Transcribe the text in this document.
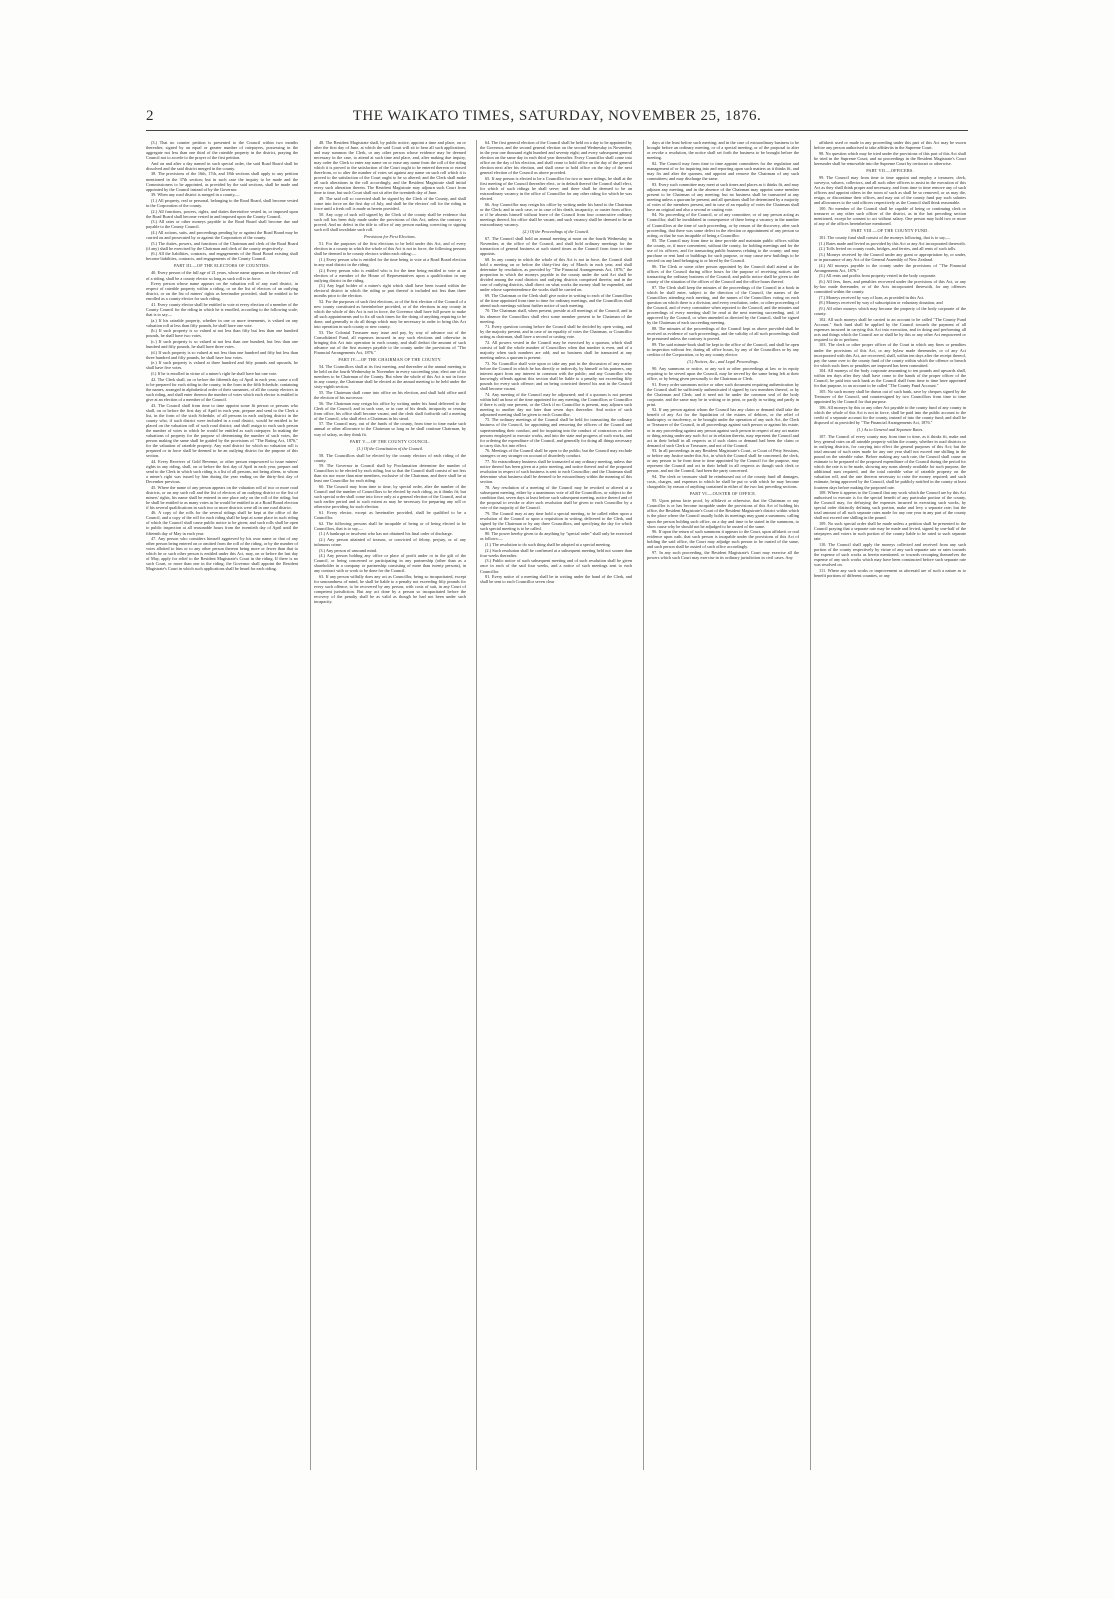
2	THE WAIKATO TIMES, SATURDAY, NOVEMBER 25, 1876.

(3.) That no counter petition is presented to the Council within two months thereafter, signed by an equal or greater number of ratepayers, possessing in the aggregate not less than one third of the rateable property in the district, praying the Council not to accede to the prayer of the first petition.

And on and after a day named in such special order, the said Road Board shall be dissolved and the said district merged in the county.

38. The provisions of the 16th, 17th, and 18th sections shall apply to any petition mentioned in the 37th section; but in such case the inquiry to be made and the Commissioners to be appointed, as provided by the said sections, shall be made and appointed by the Council instead of by the Governor.

39. When any road district is merged in a county,—

(1.) All property, real or personal, belonging to the Road Board, shall become vested in the Corporation of the county.

(2.) All functions, powers, rights, and duties theretofore vested in, or imposed upon the Road Board shall become vested in and imposed upon the County Council.

(3.) All rates or other moneys payable to the Road Board shall become due and payable to the County Council.

(4.) All actions, suits, and proceedings pending by or against the Road Board may be carried on and prosecuted by or against the Corporation of the county.

(5.) The duties, powers, and functions of the Chairman and clerk of the Road Board (if any) shall be exercised by the Chairman and clerk of the county respectively.

(6.) All the liabilities, contracts, and engagements of the Road Board existing shall become liabilities, contracts, and engagements of the County Council.

PART III.—OF THE ELECTORS OF COUNTIES.

40. Every person of the full age of 21 years, whose name appears on the electors' roll of a riding, shall be a county elector so long as such roll is in force.

Every person whose name appears on the valuation roll of any road district, in respect of rateable property within a riding, or on the list of electors of an outlying district, or on the list of miners' rights as hereinafter provided, shall be entitled to be enrolled as a county elector for such riding.

41. Every county elector shall be entitled to vote at every election of a member of the County Council for the riding in which he is enrolled, according to the following scale, that is to say—

(a.) If his rateable property, whether in one or more tenements, is valued on any valuation roll at less than fifty pounds, he shall have one vote.

(b.) If such property is so valued at not less than fifty but less than one hundred pounds, he shall have two votes.

(c.) If such property is so valued at not less than one hundred, but less than one hundred and fifty pounds, he shall have three votes.

(d.) If such property is so valued at not less than one hundred and fifty but less than three hundred and fifty pounds, he shall have four votes.

(e.) If such property is valued at three hundred and fifty pounds and upwards, he shall have five votes.

(f.) If he is enrolled in virtue of a miner's right he shall have but one vote.

42. The Clerk shall, on or before the fifteenth day of April in each year, cause a roll to be prepared for each riding in the county, in the form in the fifth Schedule, containing the names, arranged in alphabetical order of their surnames, of all the county electors in such riding, and shall enter thereon the number of votes which each elector is entitled to give at an election of a member of the Council.

43. The Council shall from time to time appoint some fit person or persons who shall, on or before the first day of April in each year, prepare and send to the Clerk a list, in the form of the sixth Schedule, of all persons in each outlying district in the county who, if such district were included in a road district, would be entitled to be placed on the valuation roll of such road district; and shall assign to each such person the number of votes to which he would be entitled as such ratepayer. In making the valuations of property for the purpose of determining the number of such votes, the person making the same shall be guided by the provisions of "The Rating Act, 1876," for the valuation of rateable property. Any road district for which no valuation roll is prepared or in force shall be deemed to be an outlying district for the purpose of this section.

44. Every Receiver of Gold Revenue, or other person empowered to issue miners' rights in any riding, shall, on or before the first day of April in each year, prepare and send to the Clerk in which such riding is a list of all persons, not being aliens, to whom a miner's right was issued by him during the year ending on the thirty-first day of December previous.

45. Where the name of any person appears on the valuation roll of two or more road districts, or on any such roll and the list of electors of an outlying district or the list of miners' rights, his name shall be entered in one place only on the roll of the riding; but he shall be entitled to as many votes as he would be entitled to at a Road Board election if his several qualifications in such two or more districts were all in one road district.

46. A copy of the rolls for the several ridings shall be kept at the office of the Council, and a copy of the roll for each riding shall be kept at some place in such riding of which the Council shall cause public notice to be given; and such rolls shall be open to public inspection at all reasonable hours from the twentieth day of April until the fifteenth day of May in each year.

47. Any person who considers himself aggrieved by his own name or that of any other person being entered on or omitted from the roll of the riding, or by the number of votes allotted to him or to any other person thereon being more or fewer than that to which he or such other person is entitled under this Act, may, on or before the last day of May, apply for relief to the Resident Magistrate's Court in the riding. If there is no such Court, or more than one in the riding, the Governor shall appoint the Resident Magistrate's Court in which such applications shall be heard for each riding.

48. The Resident Magistrate shall, by public notice, appoint a time and place, on or after the first day of June, at which the said Court will sit to hear all such applications, and may summon the Clerk, or any other person whose evidence may be deemed necessary in the case, to attend at such time and place, and, after making due inquiry, may order the Clerk to enter any name on or erase any name from the roll of the riding which it is proved to the satisfaction of the Court ought to be entered thereon or erased therefrom, or to alter the number of votes set against any name on such roll which it is proved to the satisfaction of the Court ought to be so altered; and the Clerk shall make all such alterations in the roll accordingly, and the Resident Magistrate shall initial every such alteration therein. The Resident Magistrate may adjourn such Court from time to time, but such Court shall not sit after the twentieth day of June.

49. The said roll so corrected shall be signed by the Clerk of the County, and shall come into force on the first day of July, and shall be the electors' roll for the riding in force until a fresh roll is made as herein provided.

50. Any copy of such roll signed by the Clerk of the county shall be evidence that such roll has been duly made under the provisions of this Act, unless the contrary is proved; And no defect in the title to office of any person making correcting or signing such roll shall invalidate such roll.

Provisions for First Elections.

51. For the purposes of the first elections to be held under this Act, and of every election in a county in which the whole of this Act is not in force, the following persons shall be deemed to be county electors within each riding:—

(1.) Every person who is entitled for the time being to vote at a Road Board election in any road district in the riding;

(2.) Every person who is entitled who is for the time being entitled to vote at an election of a member of the House of Representatives upon a qualification in any outlying district in the riding.

(3.) Any legal holder of a miner's right which shall have been issued within the electoral district in which the riding or part thereof is included not less than three months prior to the election.

52. For the purposes of such first elections, or of the first election of the Council of a new county constituted as hereinbefore provided, or of the elections in any county in which the whole of this Act is not in force, the Governor shall have full power to make all such appointments and to fix all such times for the doing of anything requiring to be done, and generally to do all things which may be necessary in order to bring this Act into operation in such county or new county.

53. The Colonial Treasurer may issue and pay, by way of advance out of the Consolidated Fund, all expenses incurred in any such elections and otherwise in bringing this Act into operation in each county, and shall deduct the amount of such advance out of the first moneys payable to the county under the provisions of "The Financial Arrangements Act, 1876."

PART IV.—OF THE CHAIRMAN OF THE COUNTY.

54. The Councillors shall at its first meeting, and thereafter at the annual meeting to be held on the fourth Wednesday in November in every succeeding year, elect one of its members to be Chairman of the County. But when the whole of this Act is not in force in any county, the Chairman shall be elected at the annual meeting to be held under the sixty-eighth section.

55. The Chairman shall come into office on his election, and shall hold office until the election of his successor.

56. The Chairman may resign his office by writing under his hand delivered to the Clerk of the Council; and in such case, or in case of his death, incapacity or ceasing from office, his office shall become vacant, and the clerk shall forthwith call a meeting of the Council, who shall elect a Chairman in his stead.

57. The Council may, out of the funds of the county, from time to time make such annual or other allowance to the Chairman so long as he shall continue Chairman, by way of salary, as they think fit.

PART V.—OF THE COUNTY COUNCIL.

(1.) Of the Constitution of the Council.

58. The Councillors shall be elected by the county electors of each riding of the county.

59. The Governor in Council shall by Proclamation determine the number of Councillors to be elected by each riding, but so that the Council shall consist of not less than six nor more than nine members, exclusive of the Chairman, and there shall be at least one Councillor for each riding.

60. The Council may from time to time, by special order, alter the number of the Council and the number of Councillors to be elected by each riding, as it thinks fit; but such special order shall come into force only at a general election of the Council, and at such earlier period and to such extent as may be necessary for preparing any roll or otherwise providing for such election.

61. Every elector, except as hereinafter provided, shall be qualified to be a Councillor.

62. The following persons shall be incapable of being or of being elected to be Councillors, that is to say,—

(1.) A bankrupt or insolvent who has not obtained his final order of discharge.

(2.) Any person attainted of treason, or convicted of felony, perjury, or of any infamous crime.

(3.) Any person of unsound mind.

(4.) Any person holding any office or place of profit under or in the gift of the Council, or being concerned or participating in any partnership (other than as a shareholder in a company or partnership consisting of more than twenty persons), in any contract with or work to be done for the Council.

63. If any person wilfully does any act as Councillor, being so incapacitated, except for unsoundness of mind, he shall be liable to a penalty not exceeding fifty pounds for every such offence, to be recovered by any person, with costs of suit, in any Court of competent jurisdiction. But any act done by a person so incapacitated before the recovery of the penalty shall be as valid as though he had not been under such incapacity.

64. The first general election of the Council shall be held on a day to be appointed by the Governor, and the second general election on the second Wednesday in November, in the year one thousand eight hundred and seventy eight; and every subsequent general election on the same day in each third year thereafter. Every Councillor shall come into office on the day of his election, and shall cease to hold office on the day of the general election next after his election, and shall cease to hold office on the day of the next general election of the Council as above provided.

65. If any person is elected to be a Councillor for two or more ridings, he shall at the first meeting of the Council thereafter elect, or in default thereof the Council shall elect, for which of such ridings he shall serve; and there shall be deemed to be an extraordinary vacancy in the office of Councillor for any other riding for which he was elected.

66. Any Councillor may resign his office by writing under his hand to the Chairman or the Clerk; and in such case, or in case of his death, incapacity, or ouster from office, or if he absents himself without leave of the Council from four consecutive ordinary meetings thereof, his office shall be vacant, and such vacancy shall be deemed to be an extraordinary vacancy.

(2.) Of the Proceedings of the Council.

67. The Council shall hold an annual meeting at noon on the fourth Wednesday in November, at the office of the Council, and shall hold ordinary meetings for the transaction of general business at such stated times as the Council from time to time appoints.

68. In any county in which the whole of this Act is not in force, the Council shall hold a meeting on or before the thirty-first day of March in each year, and shall determine by resolution, as provided by "The Financial Arrangements Act, 1876," the proportion in which the moneys payable to the county under the said Act shall be divided among the road districts and outlying districts comprised therein; and in the case of outlying districts, shall direct on what works the money shall be expended, and under whose superintendence the works shall be carried on.

69. The Chairman or the Clerk shall give notice in writing to each of the Councillors of the time appointed from time to time for ordinary meetings, and the Councillors shall attend such meetings without further notice of such meeting.

70. The Chairman shall, when present, preside at all meetings of the Council, and in his absence the Councillors shall elect some member present to be Chairman of the meeting.

71. Every question coming before the Council shall be decided by open voting, and by the majority present, and in case of an equality of votes the Chairman, or Councillor acting as chairman, shall have a second or casting vote.

72. All powers vested in the Council may be exercised by a quorum, which shall consist of half the whole number of Councillors when that number is even, and of a majority when such numbers are odd; and no business shall be transacted at any meeting unless a quorum is present.

73. No Councillor shall vote upon or take any part in the discussion of any matter before the Council in which he has directly or indirectly, by himself or his partners, any interest apart from any interest in common with the public; and any Councillor who knowingly offends against this section shall be liable to a penalty not exceeding fifty pounds for every such offence; and on being convicted thereof his seat in the Council shall become vacant.

74. Any meeting of the Council may be adjourned; and if a quorum is not present within half an hour of the time appointed for any meeting, the Councillors or Councillor if there is only one present, or the Clerk if no Councillor is present, may adjourn such meeting to another day not later than seven days thereafter. And notice of such adjourned meeting shall be given to each Councillor.

75. The ordinary meetings of the Council shall be held for transacting the ordinary business of the Council, for appointing and removing the officers of the Council and superintending their conduct, and for inquiring into the conduct of contractors or other persons employed to execute works, and into the state and progress of such works, and for ordering the expenditure of the Council, and generally for doing all things necessary to carry this Act into effect.

76. Meetings of the Council shall be open to the public; but the Council may exclude strangers or any stranger on account of disorderly conduct.

77. No extraordinary business shall be transacted at any ordinary meeting, unless due notice thereof has been given at a prior meeting, and notice thereof and of the proposed resolution in respect of such business is sent to each Councillor; and the Chairman shall determine what business shall be deemed to be extraordinary within the meaning of this section.

78. Any resolution of a meeting of the Council may be revoked or altered at a subsequent meeting, either by a unanimous vote of all the Councillors, or subject to the condition that, seven days at least before such subsequent meeting, notice thereof and of the proposal to revoke or alter such resolution shall be given to each Councillor by a vote of the majority of the Council.

79. The Council may at any time hold a special meeting, to be called either upon a resolution of the Council or upon a requisition in writing, delivered to the Clerk, and signed by the Chairman or by any three Councillors, and specifying the day for which such special meeting is to be called.

80. The power hereby given to do anything by "special order" shall only be exercised as follows:—

(1.) The resolution to do such thing shall be adopted at a special meeting.

(2.) Such resolution shall be confirmed at a subsequent meeting held not sooner than four weeks thereafter.

(3.) Public notice of such subsequent meeting and of such resolution shall be given once in each of the said four weeks, and a notice of such meetings sent to each Councillor.

81. Every notice of a meeting shall be in writing under the hand of the Clerk, and shall be sent to each Councillor seven clear

days at the least before such meeting; and in the case of extraordinary business to be brought before an ordinary meeting, or of a special meeting, or of the proposal to alter or revoke a resolution, the notice shall set forth the business to be brought before the meeting.

82. The Council may from time to time appoint committees for the regulation and management of or for inquiring into and reporting upon such matters as it thinks fit, and may fix and alter the quorum, and appoint and remove the Chairman of any such committees; and may discharge the same.

83. Every such committee may meet at such times and places as it thinks fit, and may adjourn any meeting, and in the absence of the Chairman may appoint some member present to be Chairman of any meeting; but no business shall be transacted at any meeting unless a quorum be present; and all questions shall be determined by a majority of votes of the members present, and in case of an equality of votes the Chairman shall have an original and also a second or casting vote.

84. No proceeding of the Council, or of any committee, or of any person acting as Councillor, shall be invalidated in consequence of there being a vacancy in the number of Councillors at the time of such proceeding, or by reason of the discovery, after such proceeding, that there was some defect in the election or appointment of any person so acting, or that he was incapable of being a Councillor.

85. The Council may from time to time provide and maintain public offices within the county, or, if more convenient, without the county, for holding meetings and for the use of its officers, and for transacting public business relating to the county; and may purchase or rent land or buildings for such purpose, or may cause new buildings to be erected on any land belonging to or hired by the Council.

86. The Clerk or some other person appointed by the Council shall attend at the offices of the Council during office hours for the purpose of receiving notices and transacting the ordinary business of the Council; and public notice shall be given in the county of the situation of the offices of the Council and the office hours thereof.

87. The Clerk shall keep the minutes of the proceedings of the Council in a book in which he shall enter, subject to the direction of the Council, the names of the Councillors attending each meeting, and the names of the Councillors voting on each question on which there is a division, and every resolution, order, or other proceeding of the Council, and of every committee when reported to the Council; and the minutes and proceedings of every meeting shall be read at the next meeting succeeding, and, if approved by the Council, or when amended as directed by the Council, shall be signed by the Chairman of each succeeding meeting.

88. The minutes of the proceedings of the Council kept as above provided shall be received as evidence of such proceedings, and the validity of all such proceedings shall be presumed unless the contrary is proved.

89. The said minute-book shall be kept in the office of the Council, and shall be open to inspection without fee, during all office hours, by any of the Councillors or by any creditor of the Corporation, or by any county elector.

(3.) Notices, &c., and Legal Proceedings.

90. Any summons or notice, or any writ or other proceedings at law or in equity requiring to be served upon the Council, may be served by the same being left at their office, or by being given personally to the Chairman or Clerk.

91. Every order summons notice or other such document requiring authentication by the Council shall be sufficiently authenticated if signed by two members thereof, or by the Chairman and Clerk; and it need not be under the common seal of the body corporate, and the same may be in writing or in print, or partly in writing and partly in print.

92. If any person against whom the Council has any claim or demand shall take the benefit of any Act for the liquidation of the estates of debtors, or the relief of bankruptcy or insolvency, or be brought under the operation of any such Act, the Clerk or Treasurer of the Council, in all proceedings against such person or against his estate, or in any proceeding against any person against such person in respect of any act matter or thing arising under any such Act or in relation thereto, may represent the Council and act in their behalf in all respects as if such claim or demand had been the claim or demand of such Clerk or Treasurer, and not of the Council.

93. In all proceedings in any Resident Magistrate's Court, or Court of Petty Sessions, or before any Justice under this Act, in which the Council shall be concerned, the clerk, or any person to be from time to time appointed by the Council for the purpose, may represent the Council and act in their behalf in all respects as though such clerk or person, and not the Council, had been the party concerned.

94. The clerk or treasurer shall be reimbursed out of the county fund all damages, costs, charges, and expenses to which he shall be put or with which he may become chargeable, by reason of anything contained in either of the two last preceding sections.

PART VI.—OUSTER OF OFFICE.

95. Upon prima facie proof, by affidavit or otherwise, that the Chairman or any Councillor is or has become incapable under the provisions of this Act of holding his office, the Resident Magistrate's Court of the Resident Magistrate's district within which is the place where the Council usually holds its meetings may grant a summons, calling upon the person holding such office, on a day and time to be stated in the summons, to show cause why he should not be adjudged to be ousted of the same.

96. If upon the return of such summons it appears to the Court, upon affidavit or oral evidence upon oath, that such person is incapable under the provisions of this Act of holding the said office, the Court may adjudge such person to be ousted of the same, and such person shall be ousted of such office accordingly.

97. In any such proceeding, the Resident Magistrate's Court may exercise all the powers which such Court may exercise in its ordinary jurisdiction in civil cases. Any

affidavit used or made in any proceeding under this part of this Act may be sworn before any person authorised to take affidavits in the Supreme Court.

98. No question which may be tried under the provisions of this part of this Act shall be tried in the Supreme Court; and no proceedings in the Resident Magistrate's Court hereunder shall be removable into the Supreme Court by certiorari or otherwise.

PART VII.—OFFICERS.

99. The Council may from time to time appoint and employ a treasurer, clerk, surveyor, valuers, collectors, and all such other officers to assist in the execution of this Act as they shall think proper and necessary, and from time to time remove any of such officers and appoint others in the room of such as shall be so removed, or as may die, resign, or discontinue their offices, and may out of the county fund pay such salaries and allowances to the said officers respectively as the Council shall think reasonable.

100. No member of the Council shall be capable of being or continuing clerk or treasurer or any other such officer of the district, as in the last preceding section mentioned, except he consent to act without salary. One person may hold two or more of any of the offices hereinbefore mentioned.

PART VIII.—OF THE COUNTY FUND.

101. The county fund shall consist of the moneys following, that is to say,—

(1.) Rates made and levied as provided by this Act or any Act incorporated therewith.

(2.) Tolls levied on county roads, bridges, and ferries, and all rents of such tolls.

(3.) Moneys received by the Council under any grant or appropriation by, or under, or in pursuance of any Act of the General Assembly of New Zealand.

(4.) All moneys payable to the county under the provisions of "The Financial Arrangements Act, 1876."

(5.) All rents and profits from property vested in the body corporate.

(6.) All fees, fines, and penalties recovered under the provisions of this Act, or any by-law made thereunder, or of the Acts incorporated therewith, for any offences committed within the county.

(7.) Moneys received by way of loan, as provided in this Act.

(8.) Moneys received by way of subscription or voluntary donation, and

(9.) All other moneys which may become the property of the body corporate of the county.

102. All such moneys shall be carried to an account to be called "The County Fund Account." Such fund shall be applied by the Council towards the payment of all expenses incurred in carrying this Act into execution, and in doing and performing all acts and things which the Council are or shall be by this or any other Act empowered or required to do or perform.

103. The clerk or other proper officer of the Court in which any fines or penalties under the provisions of this Act, or any bylaw made thereunder, or of any Act incorporated with this Act, are recovered, shall, within ten days after the receipt thereof, pay the same over to the county fund of the county within which the offence or breach for which such fines or penalties are imposed has been committed.

104. All moneys of the body corporate amounting to ten pounds and upwards shall, within ten days after they shall have come to the hands of the proper officer of the Council, be paid into such bank as the Council shall from time to time have appointed for that purpose, to an account to be called "The County Fund Account."

105. No such money shall be drawn out of such bank, save by cheques signed by the Treasurer of the Council, and countersigned by two Councillors from time to time appointed by the Council for that purpose.

106. All moneys by this or any other Act payable to the county fund of any county in which the whole of this Act is not in force, shall be paid into the public account to the credit of a separate account for the county, instead of into the county fund; and shall be disposed of as provided by "The Financial Arrangements Act, 1876."

(1.) As to General and Separate Rates.

107. The Council of every county may from time to time, as it thinks fit, make and levy general rates on all rateable property within the county, whether in road districts or in outlying districts, for carrying into effect the general purposes of this Act; but the total amount of such rates made for any one year shall not exceed one shilling in the pound on the rateable value. Before making any such rate, the Council shall cause an estimate to be prepared of the proposed expenditure of the Council during the period for which the rate is to be made, showing any sums already available for such purpose, the additional sum required, and the total rateable value of rateable property on the valuation roll, and the rate thereon necessary to raise the money required; and such estimate, being approved by the Council, shall be publicly notified in the county at least fourteen days before making the proposed rate.

108. Where it appears to the Council that any work which the Council are by this Act authorised to execute is for the special benefit of any particular portion of the county, the Council may, for defraying the expenses incurred in executing such works, by special order distinctly defining such portion, make and levy a separate rate; but the total amount of all such separate rates made for any one year in any part of the county shall not exceed one shilling in the pound.

109. No such special order shall be made unless a petition shall be presented to the Council praying that a separate rate may be made and levied, signed by one-half of the ratepayers and voters in such portion of the county liable to be rated to such separate rate.

110. The Council shall apply the moneys collected and received from any such portion of the county respectively by virtue of any such separate rate or rates towards the expense of such works as herein mentioned, or towards recouping themselves the expense of any such works which may have been constructed before such separate rate was resolved on.

111. Where any such works or improvement as aforesaid are of such a nature as to benefit portions of different counties, or any
